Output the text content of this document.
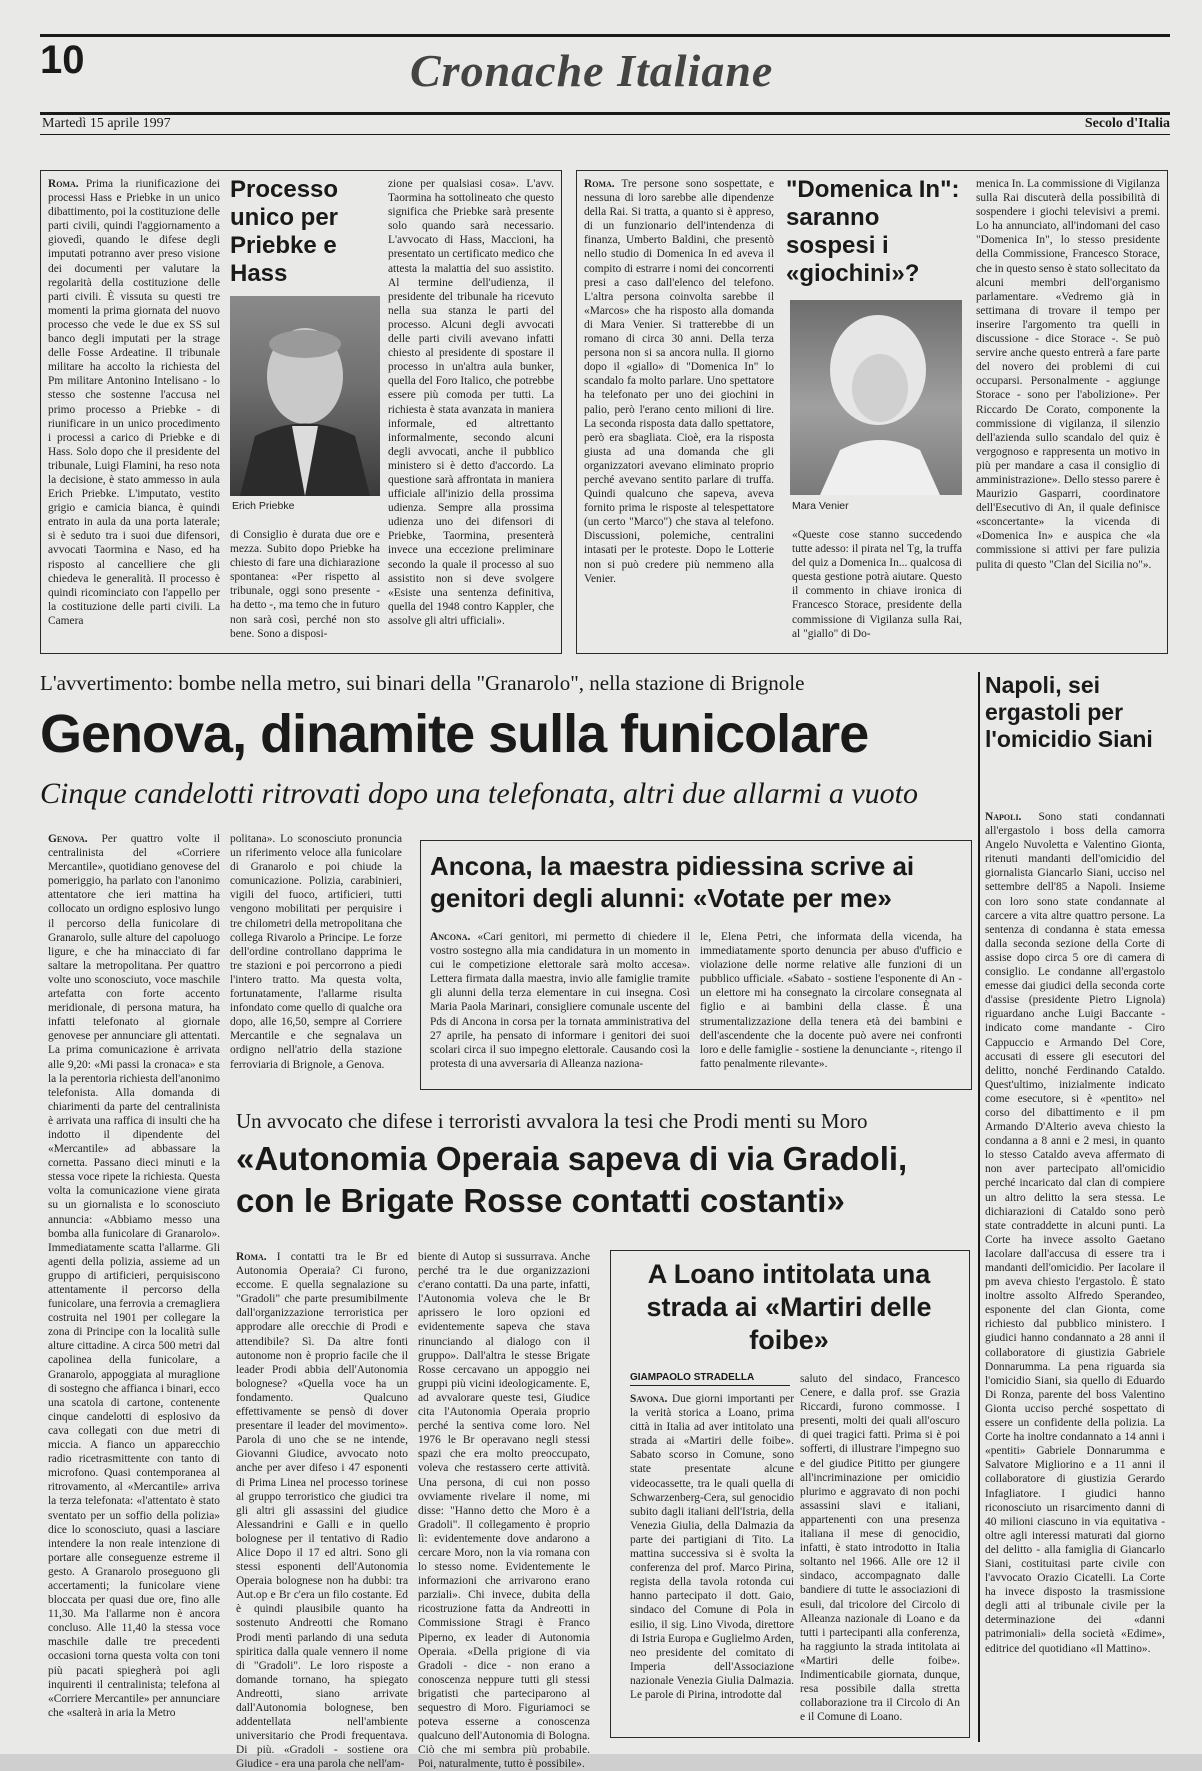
10	Cronache Italiane
Martedì 15 aprile 1997	Secolo d'Italia
Roma. Prima la riunificazione dei processi Hass e Priebke in un unico dibattimento, poi la costituzione delle parti civili, quindi l'aggiornamento a giovedì, quando le difese degli imputati potranno aver preso visione dei documenti per valutare la regolarità della costituzione delle parti civili. È vissuta su questi tre momenti la prima giornata del nuovo processo che vede le due ex SS sul banco degli imputati per la strage delle Fosse Ardeatine. Il tribunale militare ha accolto la richiesta del Pm militare Antonino Intelisano - lo stesso che sostenne l'accusa nel primo processo a Priebke - di riunificare in un unico procedimento i processi a carico di Priebke e di Hass. Solo dopo che il presidente del tribunale, Luigi Flamini, ha reso nota la decisione, è stato ammesso in aula Erich Priebke. L'imputato, vestito grigio e camicia bianca, è quindi entrato in aula da una porta laterale; si è seduto tra i suoi due difensori, avvocati Taormina e Naso, ed ha risposto al cancelliere che gli chiedeva le generalità. Il processo è quindi ricominciato con l'appello per la costituzione delle parti civili. La Camera
Processo unico per Priebke e Hass
Erich Priebke
di Consiglio è durata due ore e mezza. Subito dopo Priebke ha chiesto di fare una dichiarazione spontanea: «Per rispetto al tribunale, oggi sono presente - ha detto -, ma temo che in futuro non sarà così, perché non sto bene. Sono a disposi-
zione per qualsiasi cosa». L'avv. Taormina ha sottolineato che questo significa che Priebke sarà presente solo quando sarà necessario. L'avvocato di Hass, Maccioni, ha presentato un certificato medico che attesta la malattia del suo assistito. Al termine dell'udienza, il presidente del tribunale ha ricevuto nella sua stanza le parti del processo. Alcuni degli avvocati delle parti civili avevano infatti chiesto al presidente di spostare il processo in un'altra aula bunker, quella del Foro Italico, che potrebbe essere più comoda per tutti. La richiesta è stata avanzata in maniera informale, ed altrettanto informalmente, secondo alcuni degli avvocati, anche il pubblico ministero si è detto d'accordo. La questione sarà affrontata in maniera ufficiale all'inizio della prossima udienza. Sempre alla prossima udienza uno dei difensori di Priebke, Taormina, presenterà invece una eccezione preliminare secondo la quale il processo al suo assistito non si deve svolgere «Esiste una sentenza definitiva, quella del 1948 contro Kappler, che assolve gli altri ufficiali».
Roma. Tre persone sono sospettate, e nessuna di loro sarebbe alle dipendenze della Rai. Si tratta, a quanto si è appreso, di un funzionario dell'intendenza di finanza, Umberto Baldini, che presentò nello studio di Domenica In ed aveva il compito di estrarre i nomi dei concorrenti presi a caso dall'elenco del telefono. L'altra persona coinvolta sarebbe il «Marcos» che ha risposto alla domanda di Mara Venier. Si tratterebbe di un romano di circa 30 anni. Della terza persona non si sa ancora nulla. Il giorno dopo il «giallo» di "Domenica In" lo scandalo fa molto parlare. Uno spettatore ha telefonato per uno dei giochini in palio, però l'erano cento milioni di lire. La seconda risposta data dallo spettatore, però era sbagliata. Cioè, era la risposta giusta ad una domanda che gli organizzatori avevano eliminato proprio perché avevano sentito parlare di truffa. Quindi qualcuno che sapeva, aveva fornito prima le risposte al telespettatore (un certo "Marco") che stava al telefono. Discussioni, polemiche, centralini intasati per le proteste. Dopo le Lotterie non si può credere più nemmeno alla Venier.
"Domenica In": saranno sospesi i «giochini»?
Mara Venier
«Queste cose stanno succedendo tutte adesso: il pirata nel Tg, la truffa del quiz a Domenica In... qualcosa di questa gestione potrà aiutare. Questo il commento in chiave ironica di Francesco Storace, presidente della commissione di Vigilanza sulla Rai, al "giallo" di Do-
menica In. La commissione di Vigilanza sulla Rai discuterà della possibilità di sospendere i giochi televisivi a premi. Lo ha annunciato, all'indomani del caso "Domenica In", lo stesso presidente della Commissione, Francesco Storace, che in questo senso è stato sollecitato da alcuni membri dell'organismo parlamentare. «Vedremo già in settimana di trovare il tempo per inserire l'argomento tra quelli in discussione - dice Storace -. Se può servire anche questo entrerà a fare parte del novero dei problemi di cui occuparsi. Personalmente - aggiunge Storace - sono per l'abolizione». Per Riccardo De Corato, componente la commissione di vigilanza, il silenzio dell'azienda sullo scandalo del quiz è vergognoso e rappresenta un motivo in più per mandare a casa il consiglio di amministrazione». Dello stesso parere è Maurizio Gasparri, coordinatore dell'Esecutivo di An, il quale definisce «sconcertante» la vicenda di «Domenica In» e auspica che «la commissione si attivi per fare pulizia pulita di questo "Clan del Sicilia no"».
L'avvertimento: bombe nella metro, sui binari della "Granarolo", nella stazione di Brignole
Genova, dinamite sulla funicolare
Cinque candelotti ritrovati dopo una telefonata, altri due allarmi a vuoto
Genova. Per quattro volte il centralinista del «Corriere Mercantile», quotidiano genovese del pomeriggio, ha parlato con l'anonimo attentatore che ieri mattina ha collocato un ordigno esplosivo lungo il percorso della funicolare di Granarolo, sulle alture del capoluogo ligure, e che ha minacciato di far saltare la metropolitana. Per quattro volte uno sconosciuto, voce maschile artefatta con forte accento meridionale, di persona matura, ha infatti telefonato al giornale genovese per annunciare gli attentati. La prima comunicazione è arrivata alle 9,20: «Mi passi la cronaca» e sta la la perentoria richiesta dell'anonimo telefonista. Alla domanda di chiarimenti da parte del centralinista è arrivata una raffica di insulti che ha indotto il dipendente del «Mercantile» ad abbassare la cornetta. Passano dieci minuti e la stessa voce ripete la richiesta. Questa volta la comunicazione viene girata su un giornalista e lo sconosciuto annuncia: «Abbiamo messo una bomba alla funicolare di Granarolo». Immediatamente scatta l'allarme. Gli agenti della polizia, assieme ad un gruppo di artificieri, perquisiscono attentamente il percorso della funicolare, una ferrovia a cremagliera costruita nel 1901 per collegare la zona di Principe con la località sulle alture cittadine. A circa 500 metri dal capolinea della funicolare, a Granarolo, appoggiata al muraglione di sostegno che affianca i binari, ecco una scatola di cartone, contenente cinque candelotti di esplosivo da cava collegati con due metri di miccia. A fianco un apparecchio radio ricetrasmittente con tanto di microfono. Quasi contemporanea al ritrovamento, al «Mercantile» arriva la terza telefonata: «l'attentato è stato sventato per un soffio della polizia» dice lo sconosciuto, quasi a lasciare intendere la non reale intenzione di portare alle conseguenze estreme il gesto. A Granarolo proseguono gli accertamenti; la funicolare viene bloccata per quasi due ore, fino alle 11,30. Ma l'allarme non è ancora concluso. Alle 11,40 la stessa voce maschile dalle tre precedenti occasioni torna questa volta con toni più pacati spiegherà poi agli inquirenti il centralinista; telefona al «Corriere Mercantile» per annunciare che «salterà in aria la Metro
politana». Lo sconosciuto pronuncia un riferimento veloce alla funicolare di Granarolo e poi chiude la comunicazione. Polizia, carabinieri, vigili del fuoco, artificieri, tutti vengono mobilitati per perquisire i tre chilometri della metropolitana che collega Rivarolo a Principe. Le forze dell'ordine controllano dapprima le tre stazioni e poi percorrono a piedi l'intero tratto. Ma questa volta, fortunatamente, l'allarme risulta infondato come quello di qualche ora dopo, alle 16,50, sempre al Corriere Mercantile e che segnalava un ordigno nell'atrio della stazione ferroviaria di Brignole, a Genova.
Ancona, la maestra pidiessina scrive ai genitori degli alunni: «Votate per me»
Ancona. «Cari genitori, mi permetto di chiedere il vostro sostegno alla mia candidatura in un momento in cui le competizione elettorale sarà molto accesa». Lettera firmata dalla maestra, invio alle famiglie tramite gli alunni della terza elementare in cui insegna. Così Maria Paola Marinari, consigliere comunale uscente del Pds di Ancona in corsa per la tornata amministrativa del 27 aprile, ha pensato di informare i genitori dei suoi scolari circa il suo impegno elettorale. Causando così la protesta di una avversaria di Alleanza naziona-
le, Elena Petri, che informata della vicenda, ha immediatamente sporto denuncia per abuso d'ufficio e violazione delle norme relative alle funzioni di un pubblico ufficiale. «Sabato - sostiene l'esponente di An - un elettore mi ha consegnato la circolare consegnata al figlio e ai bambini della classe. È una strumentalizzazione della tenera età dei bambini e dell'ascendente che la docente può avere nei confronti loro e delle famiglie - sostiene la denunciante -, ritengo il fatto penalmente rilevante».
Un avvocato che difese i terroristi avvalora la tesi che Prodi menti su Moro
«Autonomia Operaia sapeva di via Gradoli, con le Brigate Rosse contatti costanti»
Roma. I contatti tra le Br ed Autonomia Operaia? Ci furono, eccome. E quella segnalazione su "Gradoli" che parte presumibilmente dall'organizzazione terroristica per approdare alle orecchie di Prodi e attendibile? Sì. Da altre fonti autonome non è proprio facile che il leader Prodi abbia dell'Autonomia bolognese? «Quella voce ha un fondamento. Qualcuno effettivamente se pensò di dover presentare il leader del movimento». Parola di uno che se ne intende, Giovanni Giudice, avvocato noto anche per aver difeso i 47 esponenti di Prima Linea nel processo torinese al gruppo terroristico che giudici tra gli altri gli assassini del giudice Alessandrini e Galli e in quello bolognese per il tentativo di Radio Alice Dopo il 17 ed altri. Sono gli stessi esponenti dell'Autonomia Operaia bolognese non ha dubbi: tra Aut.op e Br c'era un filo costante. Ed è quindi plausibile quanto ha sostenuto Andreotti che Romano Prodi mentì parlando di una seduta spiritica dalla quale vennero il nome di "Gradoli". Le loro risposte a domande tornano, ha spiegato Andreotti, siano arrivate dall'Autonomia bolognese, ben addentellata nell'ambiente universitario che Prodi frequentava. Di più. «Gradoli - sostiene ora Giudice - era una parola che nell'am-
biente di Autop si sussurrava. Anche perché tra le due organizzazioni c'erano contatti. Da una parte, infatti, l'Autonomia voleva che le Br aprissero le loro opzioni ed evidentemente sapeva che stava rinunciando al dialogo con il gruppo». Dall'altra le stesse Brigate Rosse cercavano un appoggio nei gruppi più vicini ideologicamente. E, ad avvalorare queste tesi, Giudice cita l'Autonomia Operaia proprio perché la sentiva come loro. Nel 1976 le Br operavano negli stessi spazi che era molto preoccupato, voleva che restassero certe attività. Una persona, di cui non posso ovviamente rivelare il nome, mi disse: "Hanno detto che Moro è a Gradoli". Il collegamento è proprio lì: evidentemente dove andarono a cercare Moro, non la via romana con lo stesso nome. Evidentemente le informazioni che arrivarono erano parziali». Chi invece, dubita della ricostruzione fatta da Andreotti in Commissione Stragi è Franco Piperno, ex leader di Autonomia Operaia. «Della prigione di via Gradoli - dice - non erano a conoscenza neppure tutti gli stessi brigatisti che parteciparono al sequestro di Moro. Figuriamoci se poteva esserne a conoscenza qualcuno dell'Autonomia di Bologna. Ciò che mi sembra più probabile. Poi, naturalmente, tutto è possibile».
A Loano intitolata una strada ai «Martiri delle foibe»
GIAMPAOLO STRADELLA
Savona. Due giorni importanti per la verità storica a Loano, prima città in Italia ad aver intitolato una strada ai «Martiri delle foibe». Sabato scorso in Comune, sono state presentate alcune videocassette, tra le quali quella di Schwarzenberg-Cera, sul genocidio subito dagli italiani dell'Istria, della Venezia Giulia, della Dalmazia da parte dei partigiani di Tito. La mattina successiva si è svolta la conferenza del prof. Marco Pirina, regista della tavola rotonda cui hanno partecipato il dott. Gaio, sindaco del Comune di Pola in esilio, il sig. Lino Vivoda, direttore di Istria Europa e Guglielmo Arden, neo presidente del comitato di Imperia dell'Associazione nazionale Venezia Giulia Dalmazia. Le parole di Pirina, introdotte dal
saluto del sindaco, Francesco Cenere, e dalla prof. sse Grazia Riccardi, furono commosse. I presenti, molti dei quali all'oscuro di quei tragici fatti. Prima si è poi sofferti, di illustrare l'impegno suo e del giudice Pititto per giungere all'incriminazione per omicidio plurimo e aggravato di non pochi assassini slavi e italiani, appartenenti con una presenza italiana il mese di genocidio, infatti, è stato introdotto in Italia soltanto nel 1966. Alle ore 12 il sindaco, accompagnato dalle bandiere di tutte le associazioni di esuli, dal tricolore del Circolo di Alleanza nazionale di Loano e da tutti i partecipanti alla conferenza, ha raggiunto la strada intitolata ai «Martiri delle foibe». Indimenticabile giornata, dunque, resa possibile dalla stretta collaborazione tra il Circolo di An e il Comune di Loano.
Napoli, sei ergastoli per l'omicidio Siani
Napoli. Sono stati condannati all'ergastolo i boss della camorra Angelo Nuvoletta e Valentino Gionta, ritenuti mandanti dell'omicidio del giornalista Giancarlo Siani, ucciso nel settembre dell'85 a Napoli. Insieme con loro sono state condannate al carcere a vita altre quattro persone. La sentenza di condanna è stata emessa dalla seconda sezione della Corte di assise dopo circa 5 ore di camera di consiglio. Le condanne all'ergastolo emesse dai giudici della seconda corte d'assise (presidente Pietro Lignola) riguardano anche Luigi Baccante - indicato come mandante - Ciro Cappuccio e Armando Del Core, accusati di essere gli esecutori del delitto, nonché Ferdinando Cataldo. Quest'ultimo, inizialmente indicato come esecutore, si è «pentito» nel corso del dibattimento e il pm Armando D'Alterio aveva chiesto la condanna a 8 anni e 2 mesi, in quanto lo stesso Cataldo aveva affermato di non aver partecipato all'omicidio perché incaricato dal clan di compiere un altro delitto la sera stessa. Le dichiarazioni di Cataldo sono però state contraddette in alcuni punti. La Corte ha invece assolto Gaetano Iacolare dall'accusa di essere tra i mandanti dell'omicidio. Per Iacolare il pm aveva chiesto l'ergastolo. È stato inoltre assolto Alfredo Sperandeo, esponente del clan Gionta, come richiesto dal pubblico ministero. I giudici hanno condannato a 28 anni il collaboratore di giustizia Gabriele Donnarumma. La pena riguarda sia l'omicidio Siani, sia quello di Eduardo Di Ronza, parente del boss Valentino Gionta ucciso perché sospettato di essere un confidente della polizia. La Corte ha inoltre condannato a 14 anni i «pentiti» Gabriele Donnarumma e Salvatore Migliorino e a 11 anni il collaboratore di giustizia Gerardo Infagliatore. I giudici hanno riconosciuto un risarcimento danni di 40 milioni ciascuno in via equitativa - oltre agli interessi maturati dal giorno del delitto - alla famiglia di Giancarlo Siani, costituitasi parte civile con l'avvocato Orazio Cicatelli. La Corte ha invece disposto la trasmissione degli atti al tribunale civile per la determinazione dei «danni patrimoniali» della società «Edime», editrice del quotidiano «Il Mattino».
